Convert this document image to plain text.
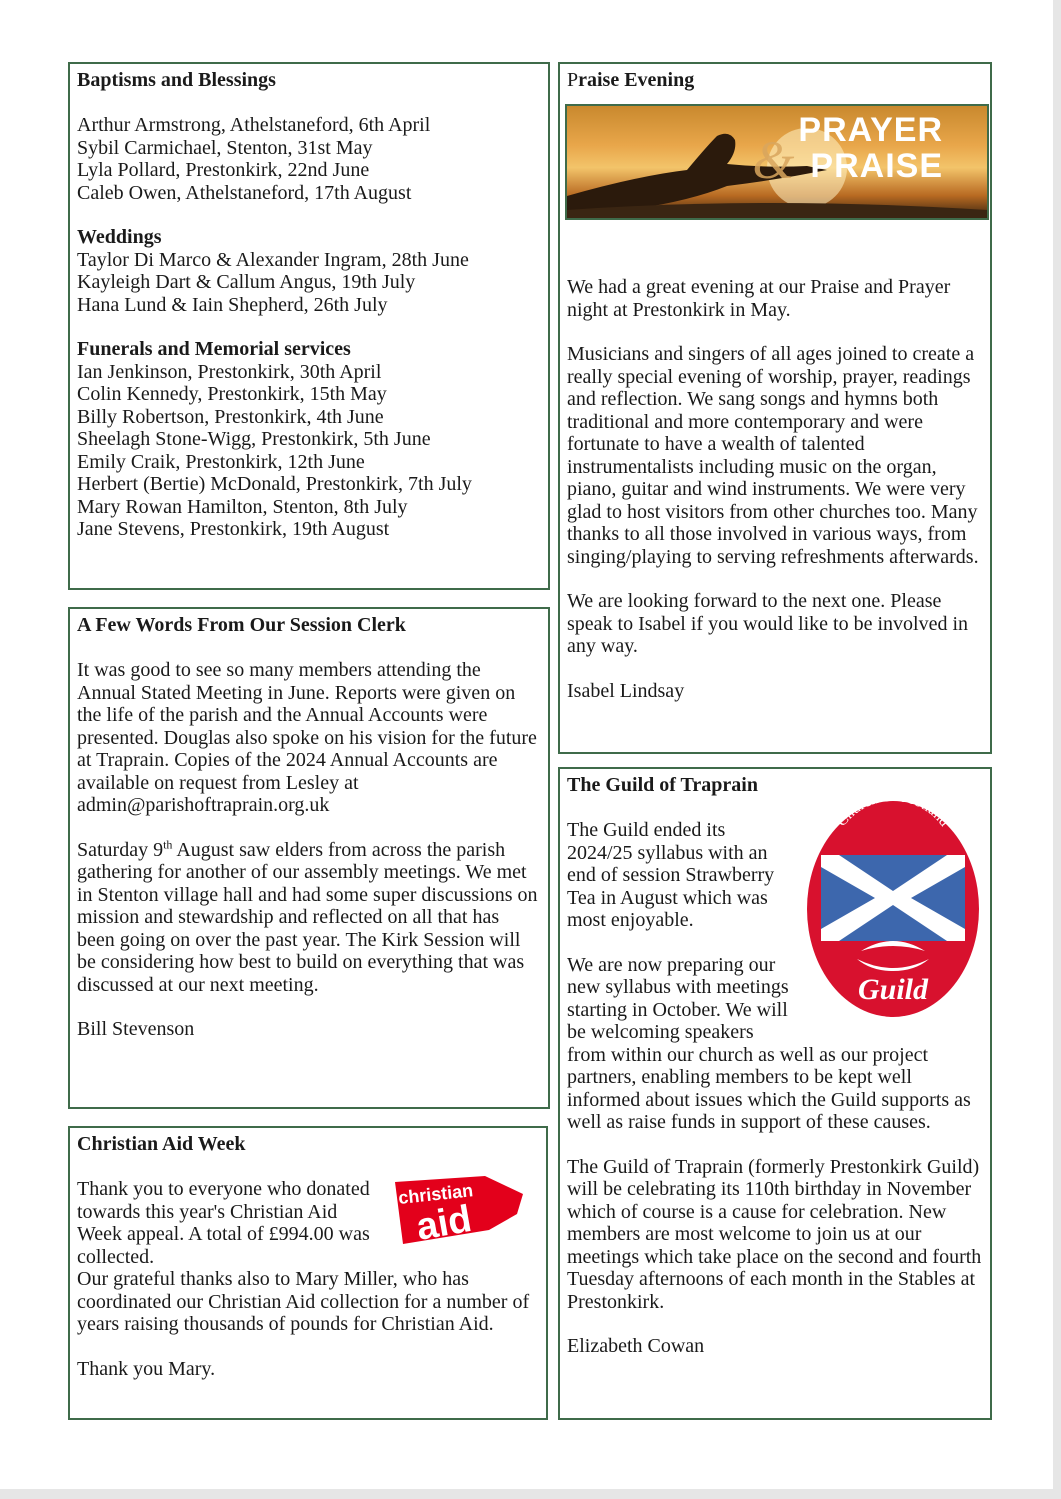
Baptisms and Blessings
Arthur Armstrong, Athelstaneford, 6th April
Sybil Carmichael, Stenton, 31st May
Lyla Pollard, Prestonkirk, 22nd June
Caleb Owen, Athelstaneford, 17th August
Weddings
Taylor Di Marco & Alexander Ingram, 28th June
Kayleigh Dart & Callum Angus, 19th July
Hana Lund & Iain Shepherd, 26th July
Funerals and Memorial services
Ian Jenkinson, Prestonkirk, 30th April
Colin Kennedy, Prestonkirk, 15th May
Billy Robertson, Prestonkirk, 4th June
Sheelagh Stone-Wigg, Prestonkirk, 5th June
Emily Craik, Prestonkirk, 12th June
Herbert (Bertie) McDonald, Prestonkirk, 7th July
Mary Rowan Hamilton, Stenton, 8th July
Jane Stevens, Prestonkirk, 19th August
A Few Words From Our Session Clerk

It was good to see so many members attending the Annual Stated Meeting in June. Reports were given on the life of the parish and the Annual Accounts were presented. Douglas also spoke on his vision for the future at Traprain. Copies of the 2024 Annual Accounts are available on request from Lesley at admin@parishoftraprain.org.uk

Saturday 9th August saw elders from across the parish gathering for another of our assembly meetings. We met in Stenton village hall and had some super discussions on mission and stewardship and reflected on all that has been going on over the past year. The Kirk Session will be considering how best to build on everything that was discussed at our next meeting.

Bill Stevenson

Christian Aid Week
christian
aid

Thank you to everyone who donated towards this year's Christian Aid Week appeal. A total of £994.00 was collected.

Our grateful thanks also to Mary Miller, who has coordinated our Christian Aid collection for a number of years raising thousands of pounds for Christian Aid.

Thank you Mary.

Praise Evening
PRAYER
& PRAISE

We had a great evening at our Praise and Prayer night at Prestonkirk in May.

Musicians and singers of all ages joined to create a really special evening of worship, prayer, readings and reflection. We sang songs and hymns both traditional and more contemporary and were fortunate to have a wealth of talented instrumentalists including music on the organ, piano, guitar and wind instruments. We were very glad to host visitors from other churches too. Many thanks to all those involved in various ways, from singing/playing to serving refreshments afterwards.

We are looking forward to the next one. Please speak to Isabel if you would like to be involved in any way.

Isabel Lindsay

The Guild of Traprain
Church of Scotland
Guild

The Guild ended its 2024/25 syllabus with an end of session Strawberry Tea in August which was most enjoyable.

We are now preparing our new syllabus with meetings starting in October. We will be welcoming speakers from within our church as well as our project partners, enabling members to be kept well informed about issues which the Guild supports as well as raise funds in support of these causes.

The Guild of Traprain (formerly Prestonkirk Guild) will be celebrating its 110th birthday in November which of course is a cause for celebration. New members are most welcome to join us at our meetings which take place on the second and fourth Tuesday afternoons of each month in the Stables at Prestonkirk.

Elizabeth Cowan
